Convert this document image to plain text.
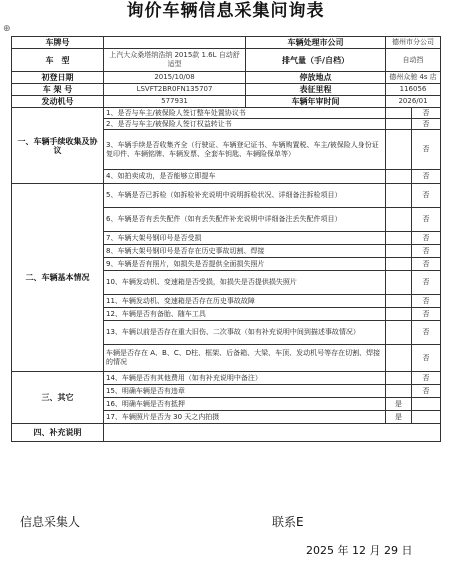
询价车辆信息采集问询表
⊕
车牌号		车辆处理市公司	德州市分公司	
车　型	上汽大众桑塔纳浩纳 2015款 1.6L 自动舒适型	排气量（手/自档）	自动挡	
初登日期	2015/10/08	停放地点	德州众驰 4s 店	
车 架 号	LSVFT2BR0FN135707	表征里程	116056	
发动机号	577931	车辆年审时间	2026/01	
一、车辆手续收集及协议	1、是否与车主/被保险人签订整车处置协议书			否
	2、是否与车主/被保险人签订权益转让书			否
	3、车辆手续是否收集齐全（行驶证、车辆登记证书、车辆购置税、车主/被保险人身份证复印件、车辆铭牌、车辆发票、全套车钥匙、车辆险保单等）			否
	4、如拍卖成功，是否能够立即提车			否
二、车辆基本情况	5、车辆是否已拆检（如拆检补充说明中说明拆检状况、详细备注拆检项目）			否
	6、车辆是否有丢失配件（如有丢失配件补充说明中详细备注丢失配件项目）			否
	7、车辆大架号钢印号是否受损			否
	8、车辆大架号钢印号是否存在历史事故切割、焊接			否
	9、车辆是否有照片，如损失是否提供全面损失照片			否
	10、车辆发动机、变速箱是否受损，如损失是否提供损失照片			否
	11、车辆发动机、变速箱是否存在历史事故故障			否
	12、车辆是否有备胎、随车工具			否
	13、车辆以前是否存在重大旧伤、二次事故（如有补充说明中间到描述事故情况）			否
	车辆是否存在 A、B、C、D柱、框架、后备箱、大梁、车顶、发动机号等存在切割、焊接的情况			否
三、其它	14、车辆是否有其他费用（如有补充说明中备注）			否
	15、明确车辆是否有违章			否
	16、明确车辆是否有抵押		是	
	17、车辆照片是否为 30 天之内拍摄		是	
四、补充说明				
信息采集人	联系E
2025 年 12 月 29 日
